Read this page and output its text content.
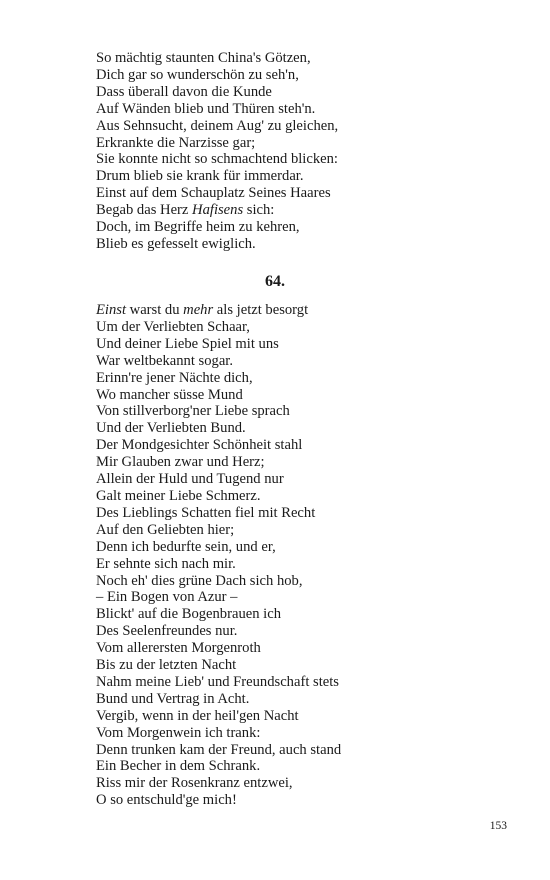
So mächtig staunten China's Götzen,
Dich gar so wunderschön zu seh'n,
Dass überall davon die Kunde
Auf Wänden blieb und Thüren steh'n.
Aus Sehnsucht, deinem Aug' zu gleichen,
Erkrankte die Narzisse gar;
Sie konnte nicht so schmachtend blicken:
Drum blieb sie krank für immerdar.
Einst auf dem Schauplatz Seines Haares
Begab das Herz Hafisens sich:
Doch, im Begriffe heim zu kehren,
Blieb es gefesselt ewiglich.
64.
Einst warst du mehr als jetzt besorgt
Um der Verliebten Schaar,
Und deiner Liebe Spiel mit uns
War weltbekannt sogar.
Erinn're jener Nächte dich,
Wo mancher süsse Mund
Von stillverborg'ner Liebe sprach
Und der Verliebten Bund.
Der Mondgesichter Schönheit stahl
Mir Glauben zwar und Herz;
Allein der Huld und Tugend nur
Galt meiner Liebe Schmerz.
Des Lieblings Schatten fiel mit Recht
Auf den Geliebten hier;
Denn ich bedurfte sein, und er,
Er sehnte sich nach mir.
Noch eh' dies grüne Dach sich hob,
– Ein Bogen von Azur –
Blickt' auf die Bogenbrauen ich
Des Seelenfreundes nur.
Vom allerersten Morgenroth
Bis zu der letzten Nacht
Nahm meine Lieb' und Freundschaft stets
Bund und Vertrag in Acht.
Vergib, wenn in der heil'gen Nacht
Vom Morgenwein ich trank:
Denn trunken kam der Freund, auch stand
Ein Becher in dem Schrank.
Riss mir der Rosenkranz entzwei,
O so entschuld'ge mich!
153
